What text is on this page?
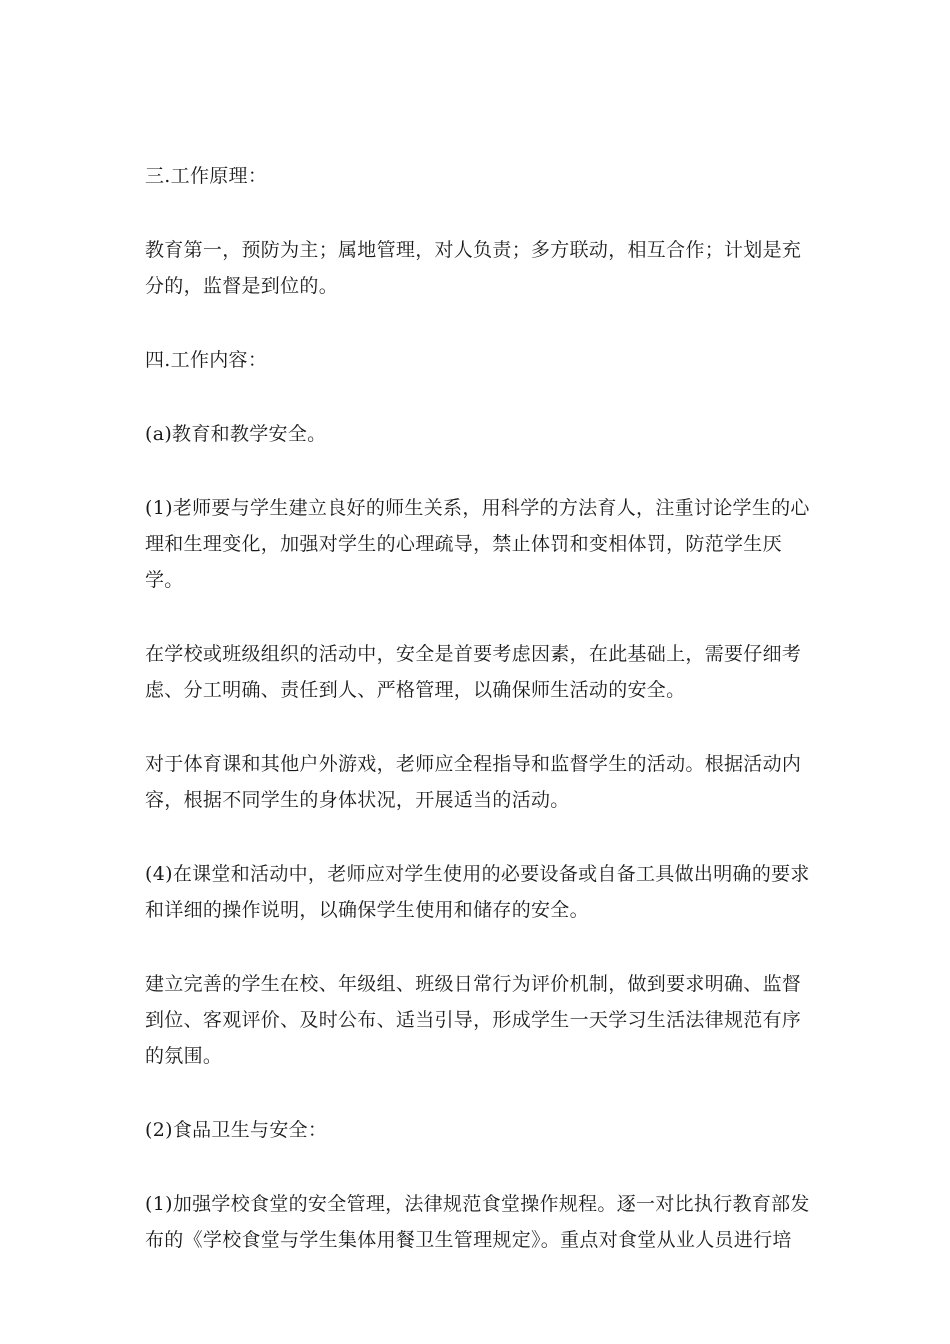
三.工作原理：

教育第一，预防为主；属地管理，对人负责；多方联动，相互合作；计划是充分的，监督是到位的。

四.工作内容：

(a)教育和教学安全。

(1)老师要与学生建立良好的师生关系，用科学的方法育人，注重讨论学生的心理和生理变化，加强对学生的心理疏导，禁止体罚和变相体罚，防范学生厌学。

在学校或班级组织的活动中，安全是首要考虑因素，在此基础上，需要仔细考虑、分工明确、责任到人、严格管理，以确保师生活动的安全。

对于体育课和其他户外游戏，老师应全程指导和监督学生的活动。根据活动内容，根据不同学生的身体状况，开展适当的活动。

(4)在课堂和活动中，老师应对学生使用的必要设备或自备工具做出明确的要求和详细的操作说明，以确保学生使用和储存的安全。

建立完善的学生在校、年级组、班级日常行为评价机制，做到要求明确、监督到位、客观评价、及时公布、适当引导，形成学生一天学习生活法律规范有序的氛围。

(2)食品卫生与安全：

(1)加强学校食堂的安全管理，法律规范食堂操作规程。逐一对比执行教育部发布的《学校食堂与学生集体用餐卫生管理规定》。重点对食堂从业人员进行培
